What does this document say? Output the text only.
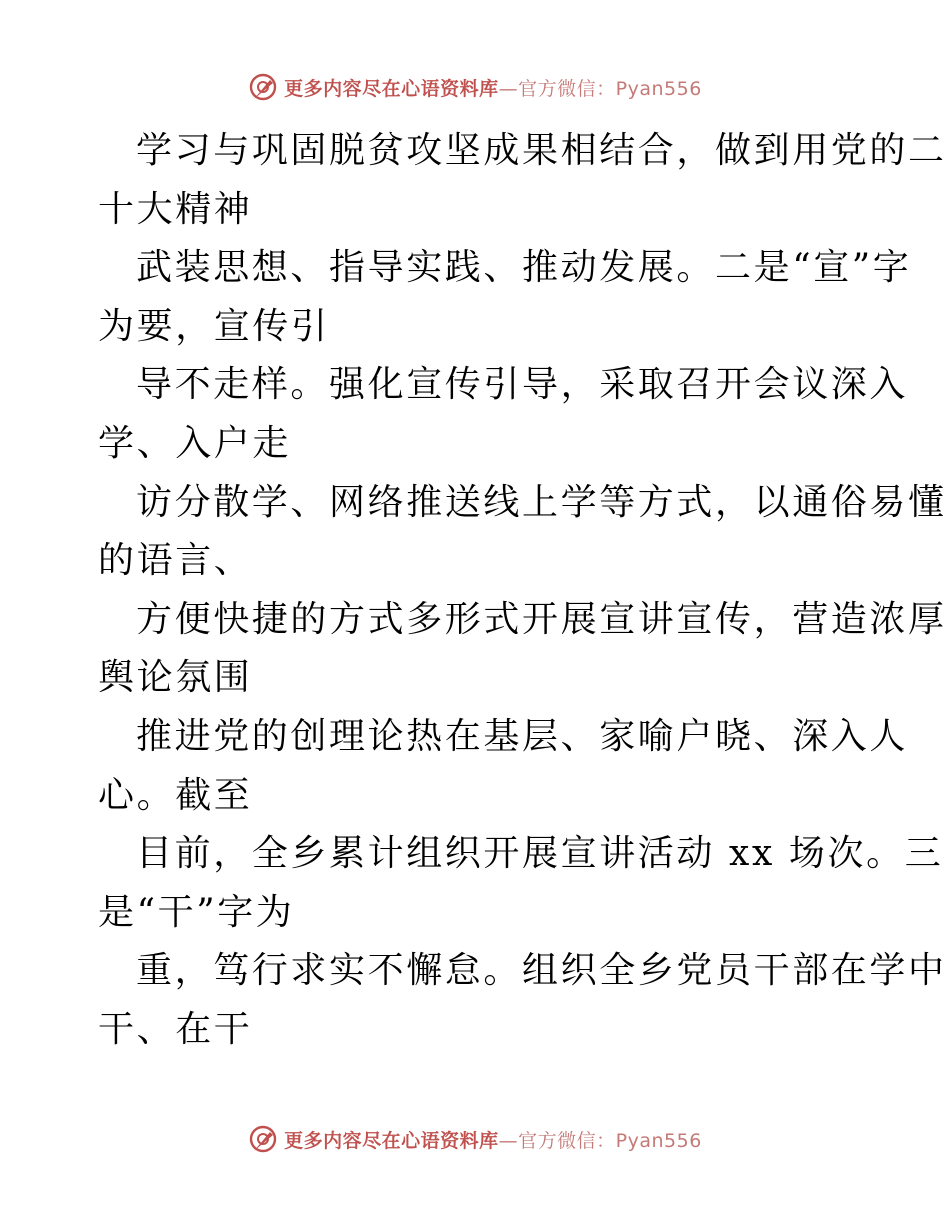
更多内容尽在心语资料库—官方微信：Pyan556
学习与巩固脱贫攻坚成果相结合，做到用党的二
十大精神
武装思想、指导实践、推动发展。二是“宣”字
为要，宣传引
导不走样。强化宣传引导，采取召开会议深入
学、入户走
访分散学、网络推送线上学等方式，以通俗易懂
的语言、
方便快捷的方式多形式开展宣讲宣传，营造浓厚
舆论氛围
推进党的创理论热在基层、家喻户晓、深入人
心。截至
目前，全乡累计组织开展宣讲活动 xx 场次。三
是“干”字为
重，笃行求实不懈怠。组织全乡党员干部在学中
干、在干
更多内容尽在心语资料库—官方微信：Pyan556
